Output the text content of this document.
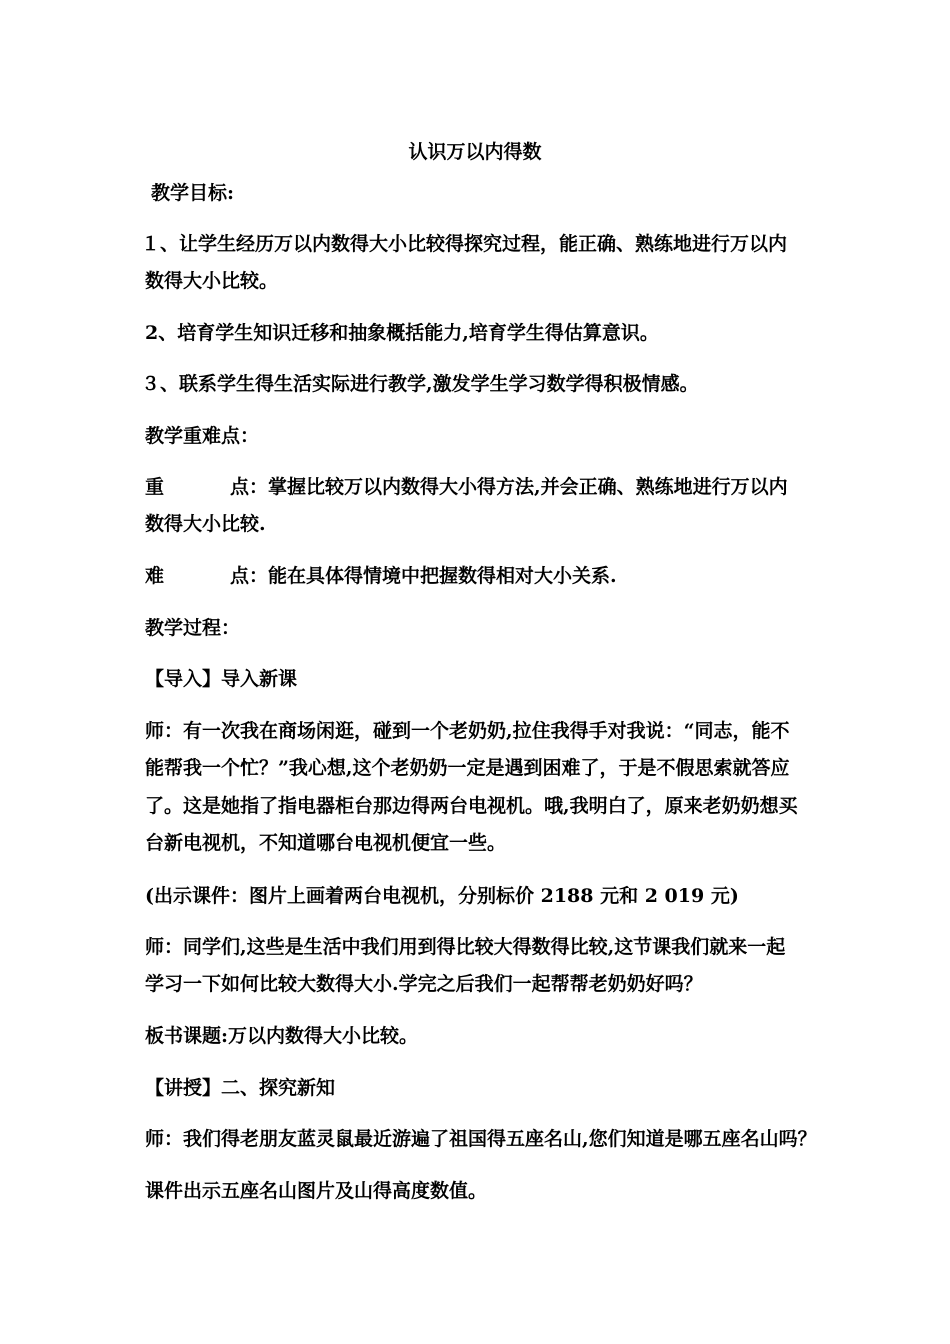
认识万以内得数
教学目标:
１、让学生经历万以内数得大小比较得探究过程，能正确、熟练地进行万以内
数得大小比较。
2、培育学生知识迁移和抽象概括能力,培育学生得估算意识。
３、联系学生得生活实际进行教学,激发学生学习数学得积极情感。
教学重难点：
重	点：掌握比较万以内数得大小得方法,并会正确、熟练地进行万以内
数得大小比较.
难	点：能在具体得情境中把握数得相对大小关系.
教学过程：
【导入】导入新课
师：有一次我在商场闲逛，碰到一个老奶奶,拉住我得手对我说：“同志，能不
能帮我一个忙？”我心想,这个老奶奶一定是遇到困难了，于是不假思索就答应
了。这是她指了指电器柜台那边得两台电视机。哦,我明白了，原来老奶奶想买
台新电视机，不知道哪台电视机便宜一些。
(出示课件：图片上画着两台电视机，分别标价 2188 元和 2 019 元)
师：同学们,这些是生活中我们用到得比较大得数得比较,这节课我们就来一起
学习一下如何比较大数得大小.学完之后我们一起帮帮老奶奶好吗？
板书课题:万以内数得大小比较。
【讲授】二、探究新知
师：我们得老朋友蓝灵鼠最近游遍了祖国得五座名山,您们知道是哪五座名山吗？
课件出示五座名山图片及山得高度数值。
